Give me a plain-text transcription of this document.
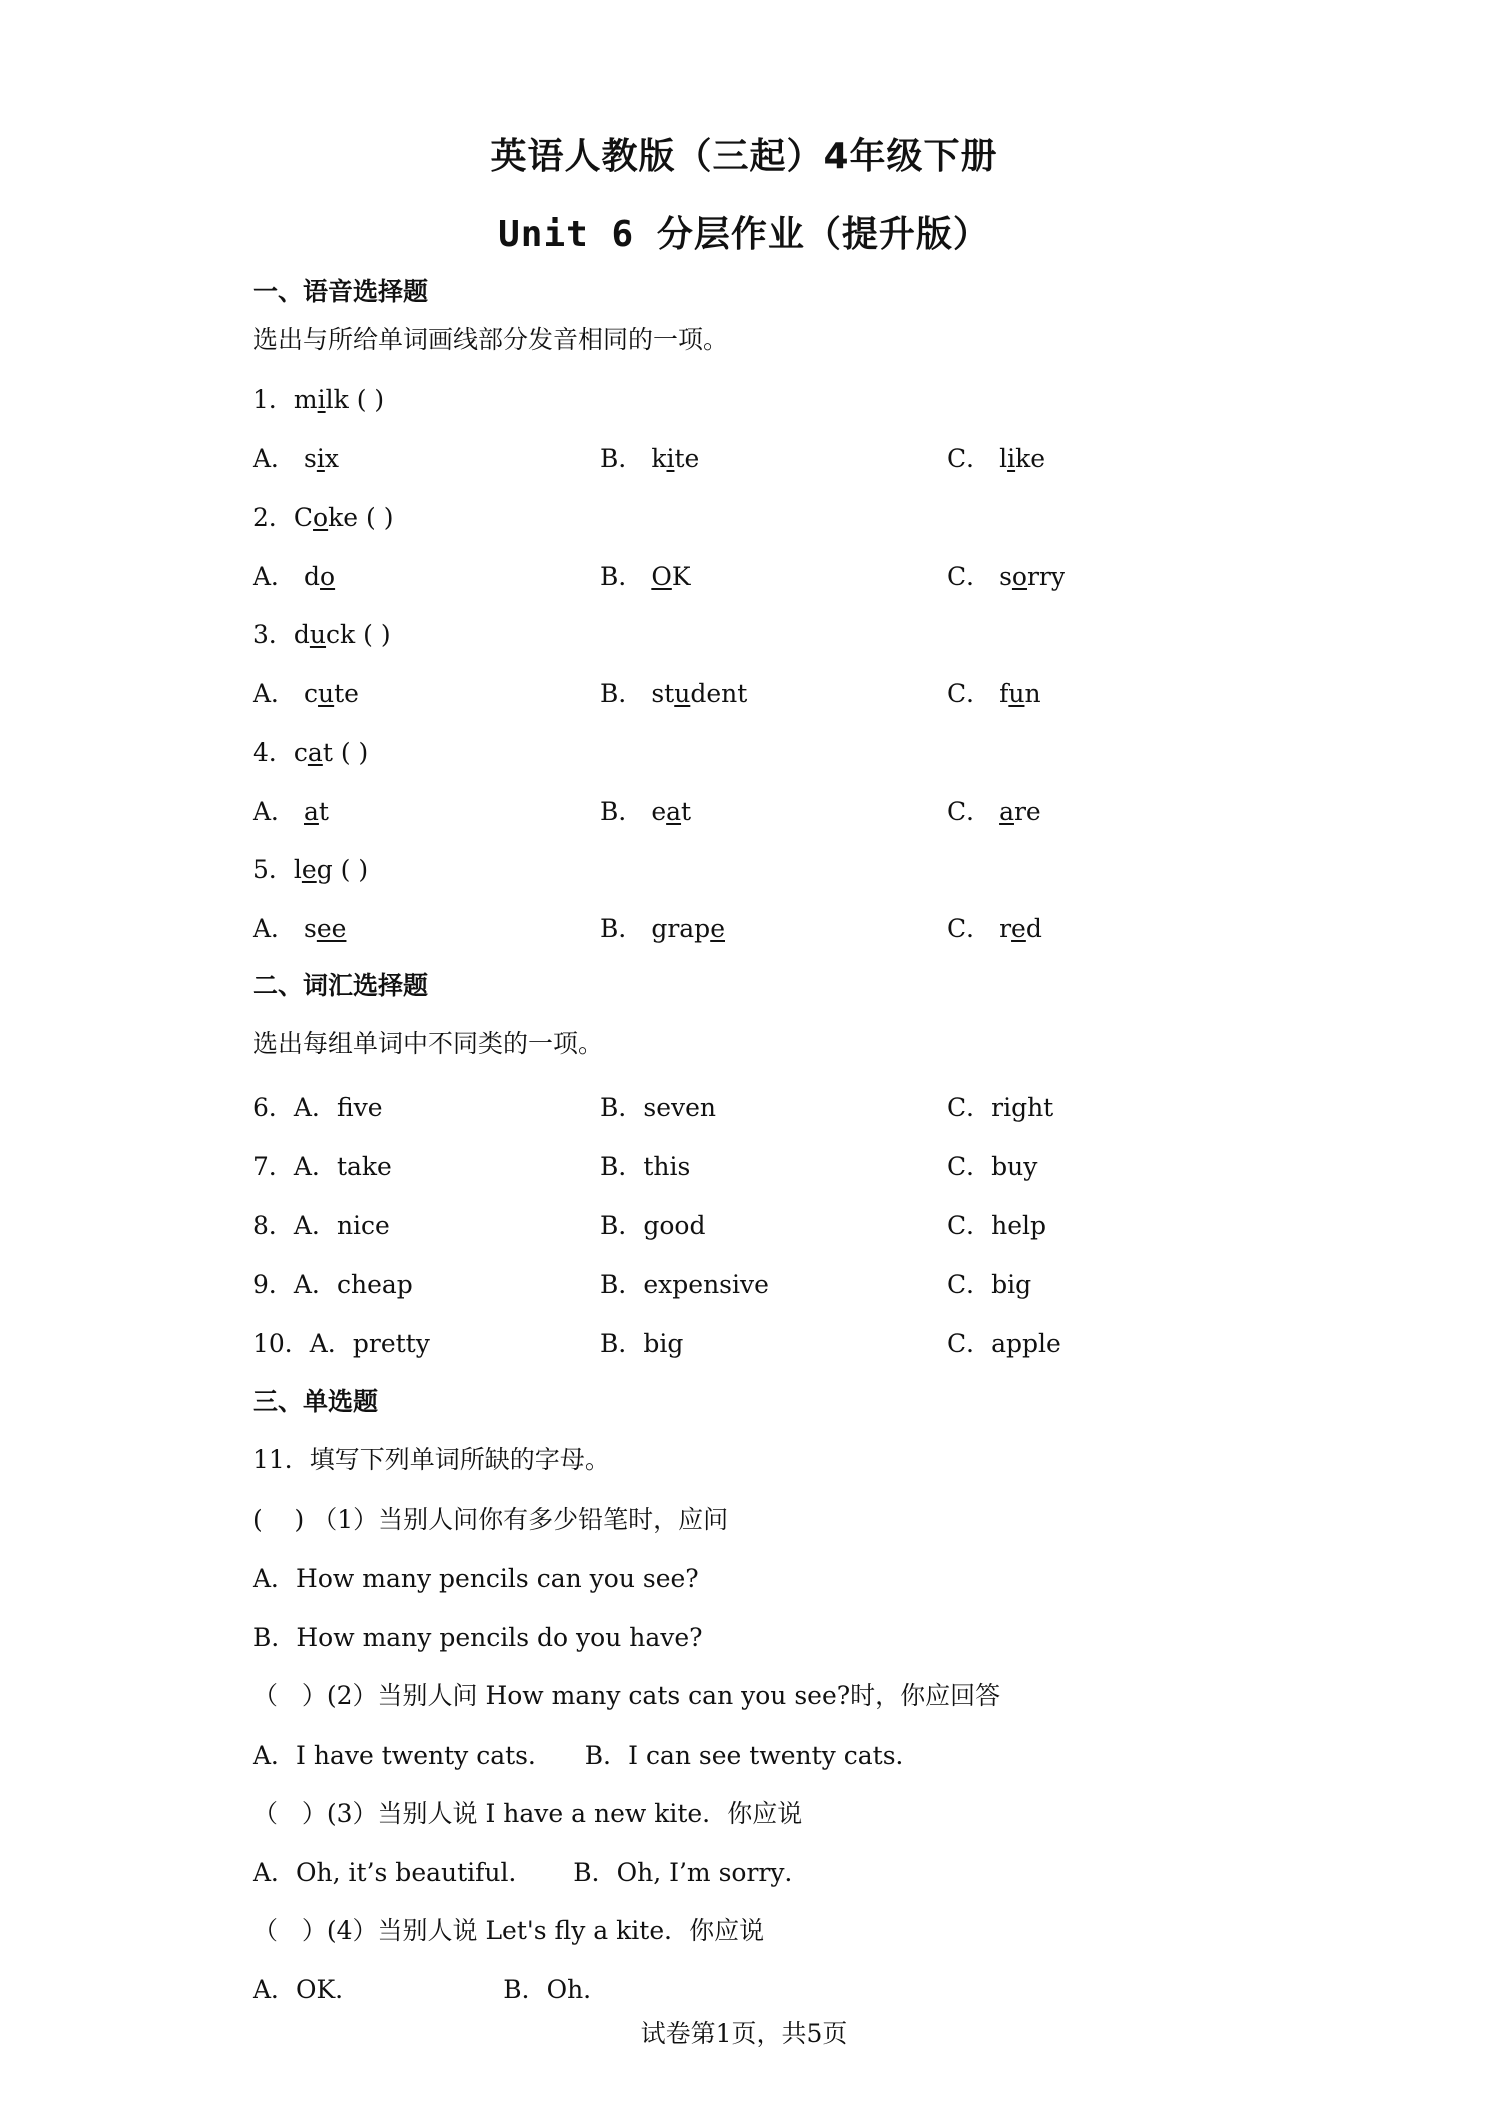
英语人教版（三起）4年级下册
Unit 6 分层作业（提升版）
一、语音选择题
选出与所给单词画线部分发音相同的一项。
1．milk ( )
A． six	B． kite	C． like
2．Coke ( )
A． do	B． OK	C． sorry
3．duck ( )
A． cute	B． student	C． fun
4．cat ( )
A． at	B． eat	C． are
5．leg ( )
A． see	B． grape	C． red
二、词汇选择题
选出每组单词中不同类的一项。
6．A．five	B．seven	C．right
7．A．take	B．this	C．buy
8．A．nice	B．good	C．help
9．A．cheap	B．expensive	C．big
10．A．pretty	B．big	C．apple
三、单选题
11．填写下列单词所缺的字母。
(    ) （1）当别人问你有多少铅笔时，应问
A．How many pencils can you see?
B．How many pencils do you have?
（   ）(2）当别人问 How many cats can you see?时，你应回答
A．I have twenty cats．    B．I can see twenty cats．
（   ）(3）当别人说 I have a new kite．你应说
A．Oh, it’s beautiful．     B．Oh, I’m sorry．
（   ）(4）当别人说 Let's fly a kite．你应说
A．OK．                  B．Oh．
试卷第1页，共5页
